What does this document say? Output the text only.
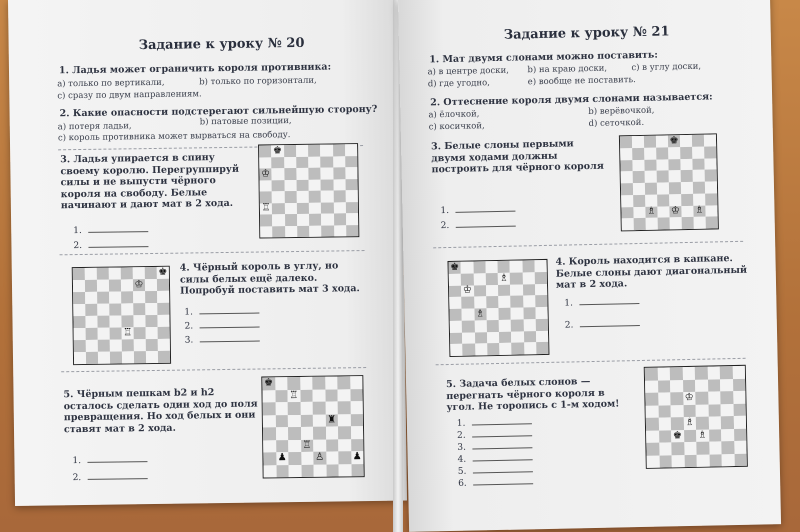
Задание к уроку № 20
1. Ладья может ограничить короля противника:
а) только по вертикали,	b) только по горизонтали,
с) сразу по двум направлениям.
2. Какие опасности подстерегают сильнейшую сторону?
а) потеря ладьи,	b) патовые позиции,
с) король противника может вырваться на свободу.
3. Ладья упирается в спину своему королю. Перегруппируй силы и не выпусти чёрного короля на свободу. Белые начинают и дают мат в 2 хода.
1.
2.
♚
♔
♖
♚
♔
♖
4. Чёрный король в углу, но силы белых ещё далеко. Попробуй поставить мат 3 хода.
1.
2.
3.
5. Чёрным пешкам b2 и h2 осталось сделать один ход до поля превращения. Но ход белых и они ставят мат в 2 хода.
1.
2.
♚
♖
♜
♖
♟	♙	♟
Задание к уроку № 21
1. Мат двумя слонами можно поставить:
а) в центре доски, b) на краю доски,	с) в углу доски,
d) где угодно,	е) вообще не поставить.
2. Оттеснение короля двумя слонами называется:
а) ёлочкой,	b) верёвочкой,
с) косичкой,	d) сеточкой.
3. Белые слоны первыми двумя ходами должны построить для чёрного короля
1.
2.
♚
♗ ♔ ♗
♚
♗
♔
♗
4. Король находится в капкане. Белые слоны дают диагональный мат в 2 хода.
1.
2.
5. Задача белых слонов — перегнать чёрного короля в угол. Не торопись с 1-м ходом!
1.
2.
3.
4.
5.
6.
♔
♗
♚ ♗
